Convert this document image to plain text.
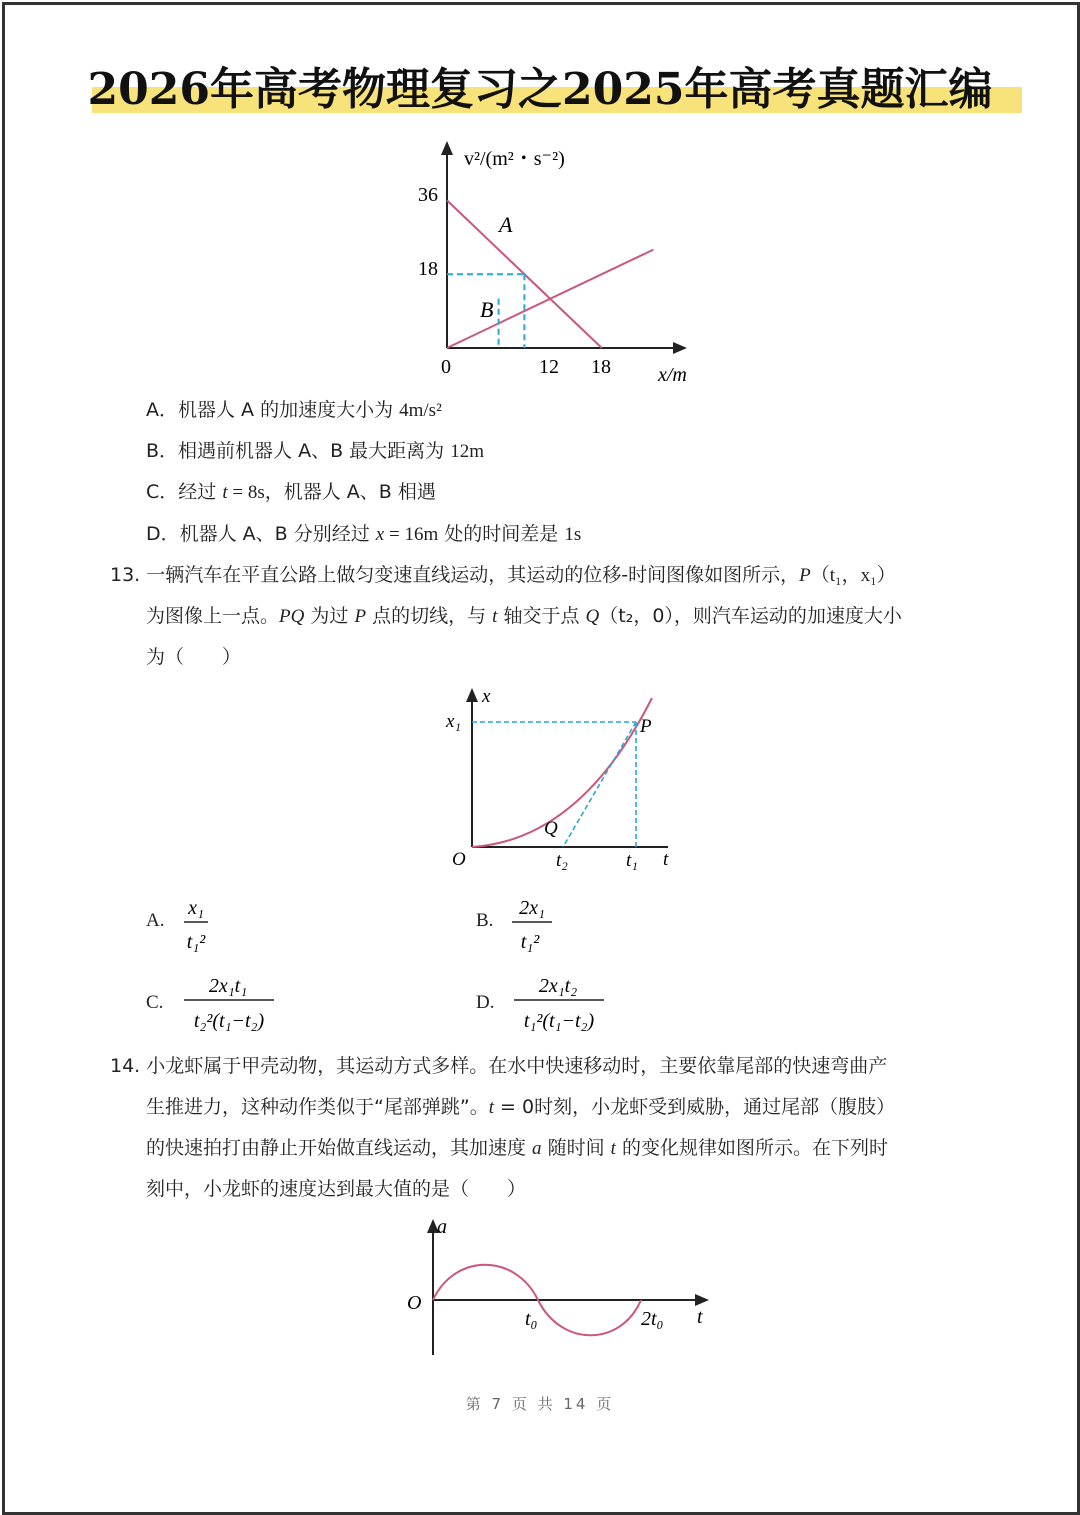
2026年高考物理复习之2025年高考真题汇编
v²/(m²・s⁻²)
36
18
0	12 18 x/m
A
B
A．机器人 A 的加速度大小为 4m/s²
B．相遇前机器人 A、B 最大距离为 12m
C．经过 t = 8s，机器人 A、B 相遇
D．机器人 A、B 分别经过 x = 16m 处的时间差是 1s
13. 一辆汽车在平直公路上做匀变速直线运动，其运动的位移-时间图像如图所示，P（t₁，x₁）
为图像上一点。PQ 为过 P 点的切线，与 t 轴交于点 Q（t₂，0），则汽车运动的加速度大小
为（　　）
x
x₁	P
Q
O	t₂	t₁ t
A.
x₁
t₁²
B.
2x₁
t₁²
C.
2x₁t₁
t₂²(t₁−t₂)
D.
2x₁t₂
t₁²(t₁−t₂)
14. 小龙虾属于甲壳动物，其运动方式多样。在水中快速移动时，主要依靠尾部的快速弯曲产
生推进力，这种动作类似于“尾部弹跳”。t = 0时刻，小龙虾受到威胁，通过尾部（腹肢）
的快速拍打由静止开始做直线运动，其加速度 a 随时间 t 的变化规律如图所示。在下列时
刻中，小龙虾的速度达到最大值的是（　　）
a
O
t₀	2t₀ t
第 7 页 共 14 页
